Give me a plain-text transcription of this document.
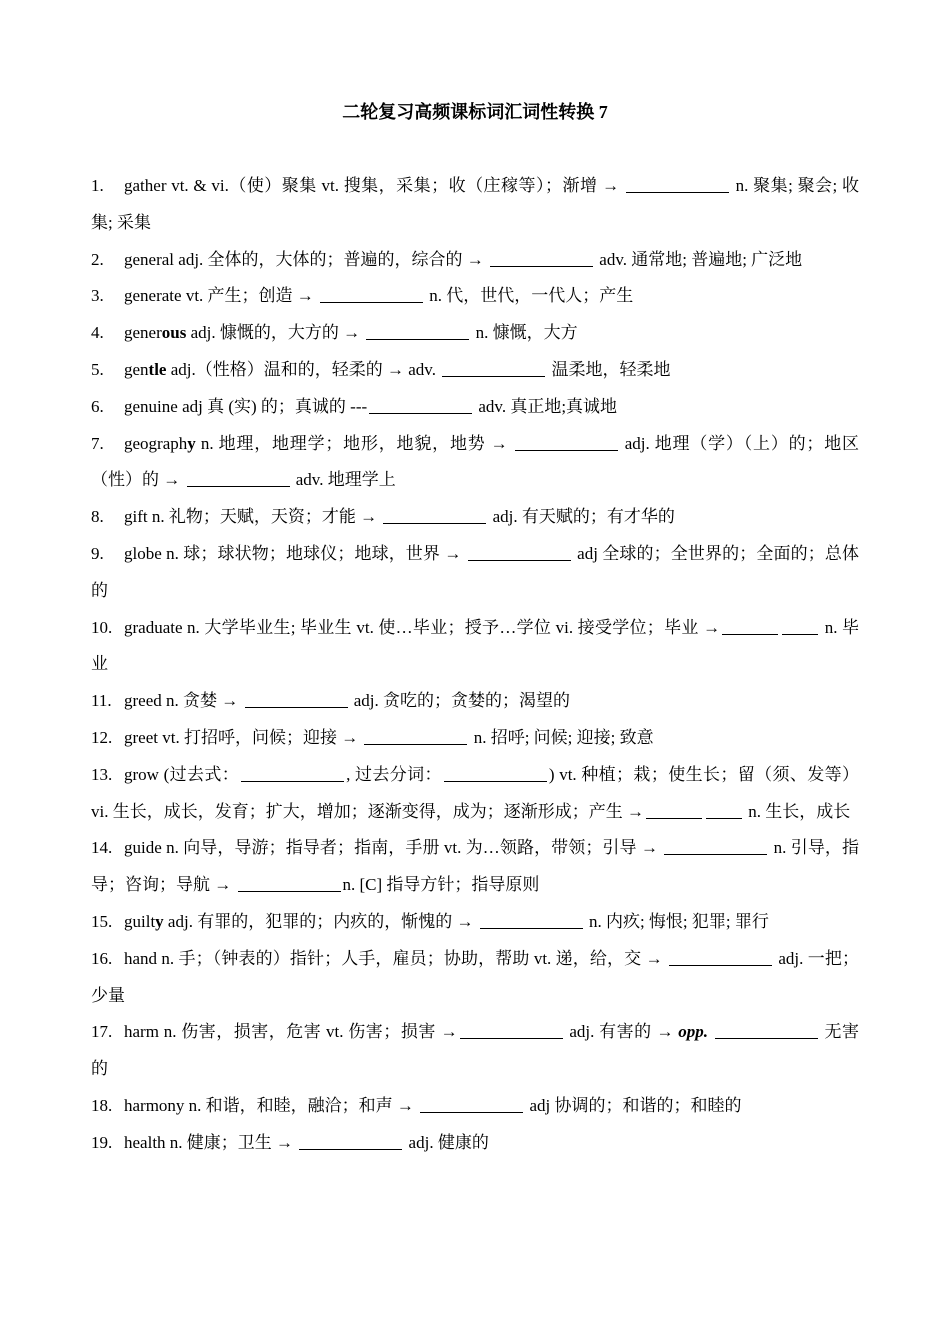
二轮复习高频课标词汇词性转换 7

1. gather vt. & vi.（使）聚集 vt. 搜集，采集；收（庄稼等）；渐增 →	n. 聚集; 聚会; 收集; 采集

2. general adj. 全体的，大体的；普遍的，综合的 →	adv. 通常地; 普遍地; 广泛地

3. generate vt. 产生；创造 →	n. 代，世代，一代人；产生

4. generous adj. 慷慨的，大方的 →	n. 慷慨，大方

5. gentle adj.（性格）温和的，轻柔的 → adv.	温柔地，轻柔地

6. genuine adj 真 (实) 的；真诚的 ---	adv. 真正地;真诚地

7. geography n. 地理，地理学；地形，地貌，地势 →	adj. 地理（学）（上）的；地区（性）的 →	adv. 地理学上

8. gift n. 礼物；天赋，天资；才能 →	adj. 有天赋的；有才华的

9. globe n. 球；球状物；地球仪；地球，世界 →	adj 全球的；全世界的；全面的；总体的

10. graduate n. 大学毕业生; 毕业生 vt. 使…毕业；授予…学位 vi. 接受学位；毕业 →	n. 毕业

11. greed n. 贪婪 →	adj. 贪吃的；贪婪的；渴望的

12. greet vt. 打招呼，问候；迎接 →	n. 招呼; 问候; 迎接; 致意

13. grow (过去式：	, 过去分词：	) vt. 种植；栽；使生长；留（须、发等）vi. 生长，成长，发育；扩大，增加；逐渐变得，成为；逐渐形成；产生 →	n. 生长，成长

14. guide n. 向导，导游；指导者；指南，手册 vt. 为…领路，带领；引导 →	n. 引导，指导；咨询；导航 →	n. [C] 指导方针；指导原则

15. guilty adj. 有罪的，犯罪的；内疚的，惭愧的 →	n. 内疚; 悔恨; 犯罪; 罪行

16. hand n. 手；（钟表的）指针；人手，雇员；协助，帮助 vt. 递，给，交 →	adj. 一把；少量

17. harm n. 伤害，损害，危害 vt. 伤害；损害 →	adj. 有害的 → opp.	无害的

18. harmony n. 和谐，和睦，融洽；和声 →	adj 协调的；和谐的；和睦的

19. health n. 健康；卫生 →	adj. 健康的
